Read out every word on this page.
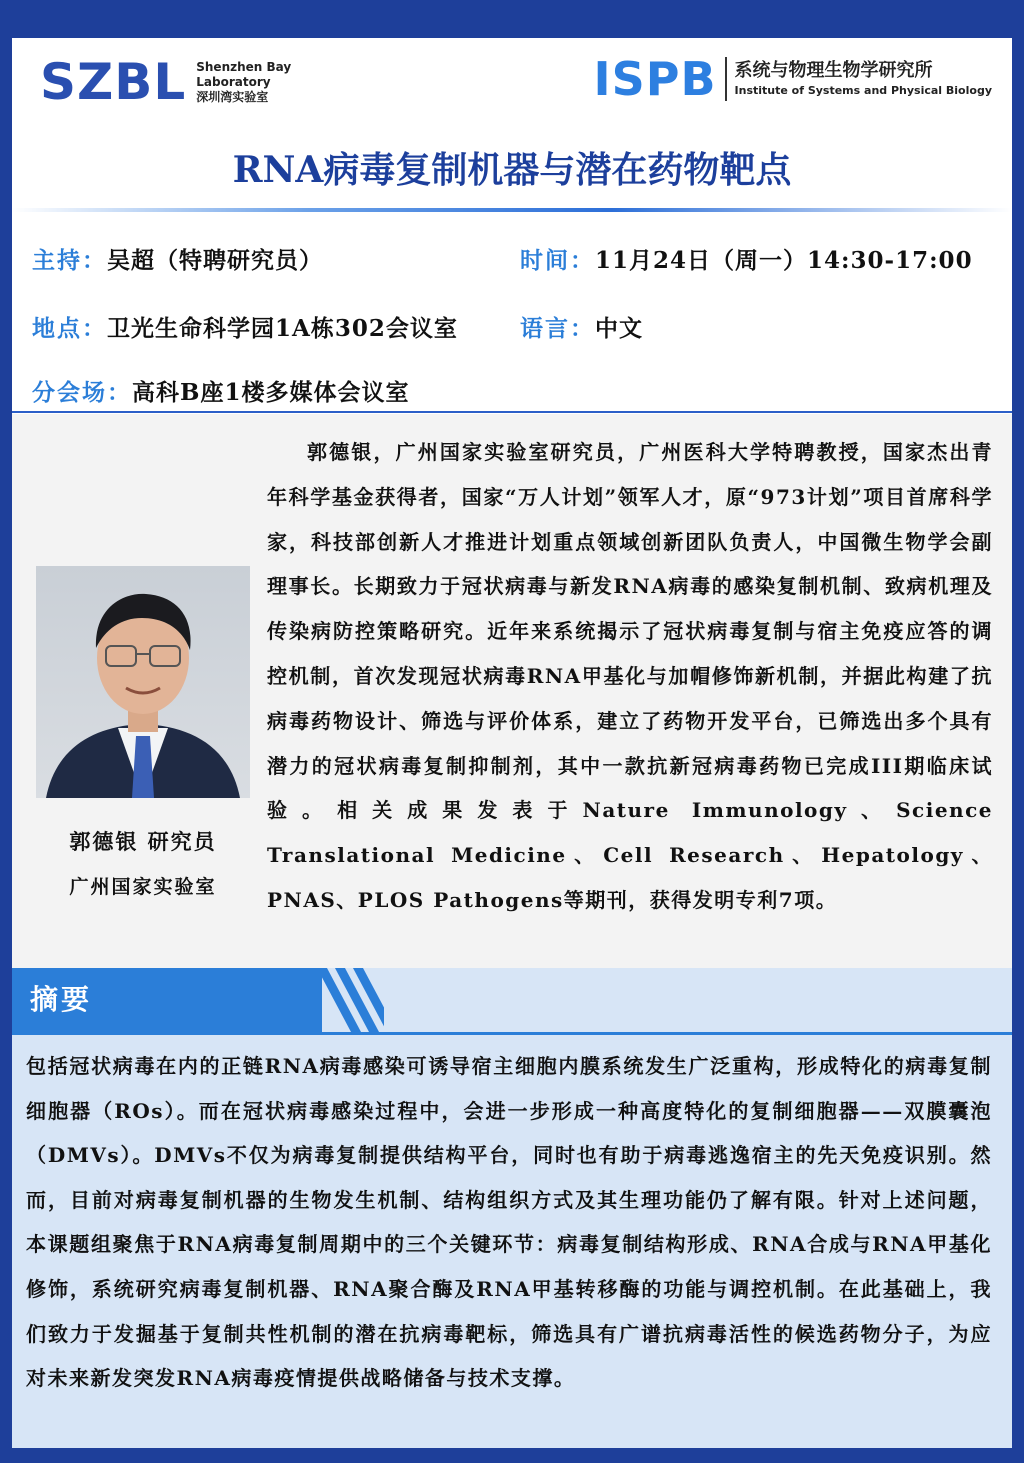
SZBL Shenzhen Bay
Laboratory
深圳湾实验室	ISPB 系统与物理生物学研究所
Institute of Systems and Physical Biology
RNA病毒复制机器与潜在药物靶点
主持：吴超（特聘研究员）	时间：11月24日（周一）14:30-17:00
地点：卫光生命科学园1A栋302会议室	语言：中文
分会场：高科B座1楼多媒体会议室
郭德银 研究员
广州国家实验室

郭德银，广州国家实验室研究员，广州医科大学特聘教授，国家杰出青年科学基金获得者，国家“万人计划”领军人才，原“973计划”项目首席科学家，科技部创新人才推进计划重点领域创新团队负责人，中国微生物学会副理事长。长期致力于冠状病毒与新发RNA病毒的感染复制机制、致病机理及传染病防控策略研究。近年来系统揭示了冠状病毒复制与宿主免疫应答的调控机制，首次发现冠状病毒RNA甲基化与加帽修饰新机制，并据此构建了抗病毒药物设计、筛选与评价体系，建立了药物开发平台，已筛选出多个具有潜力的冠状病毒复制抑制剂，其中一款抗新冠病毒药物已完成III期临床试验。相关成果发表于Nature Immunology、Science Translational Medicine、Cell Research、Hepatology、PNAS、PLOS Pathogens等期刊，获得发明专利7项。

摘要

包括冠状病毒在内的正链RNA病毒感染可诱导宿主细胞内膜系统发生广泛重构，形成特化的病毒复制细胞器（ROs）。而在冠状病毒感染过程中，会进一步形成一种高度特化的复制细胞器——双膜囊泡（DMVs）。DMVs不仅为病毒复制提供结构平台，同时也有助于病毒逃逸宿主的先天免疫识别。然而，目前对病毒复制机器的生物发生机制、结构组织方式及其生理功能仍了解有限。针对上述问题，本课题组聚焦于RNA病毒复制周期中的三个关键环节：病毒复制结构形成、RNA合成与RNA甲基化修饰，系统研究病毒复制机器、RNA聚合酶及RNA甲基转移酶的功能与调控机制。在此基础上，我们致力于发掘基于复制共性机制的潜在抗病毒靶标，筛选具有广谱抗病毒活性的候选药物分子，为应对未来新发突发RNA病毒疫情提供战略储备与技术支撑。
